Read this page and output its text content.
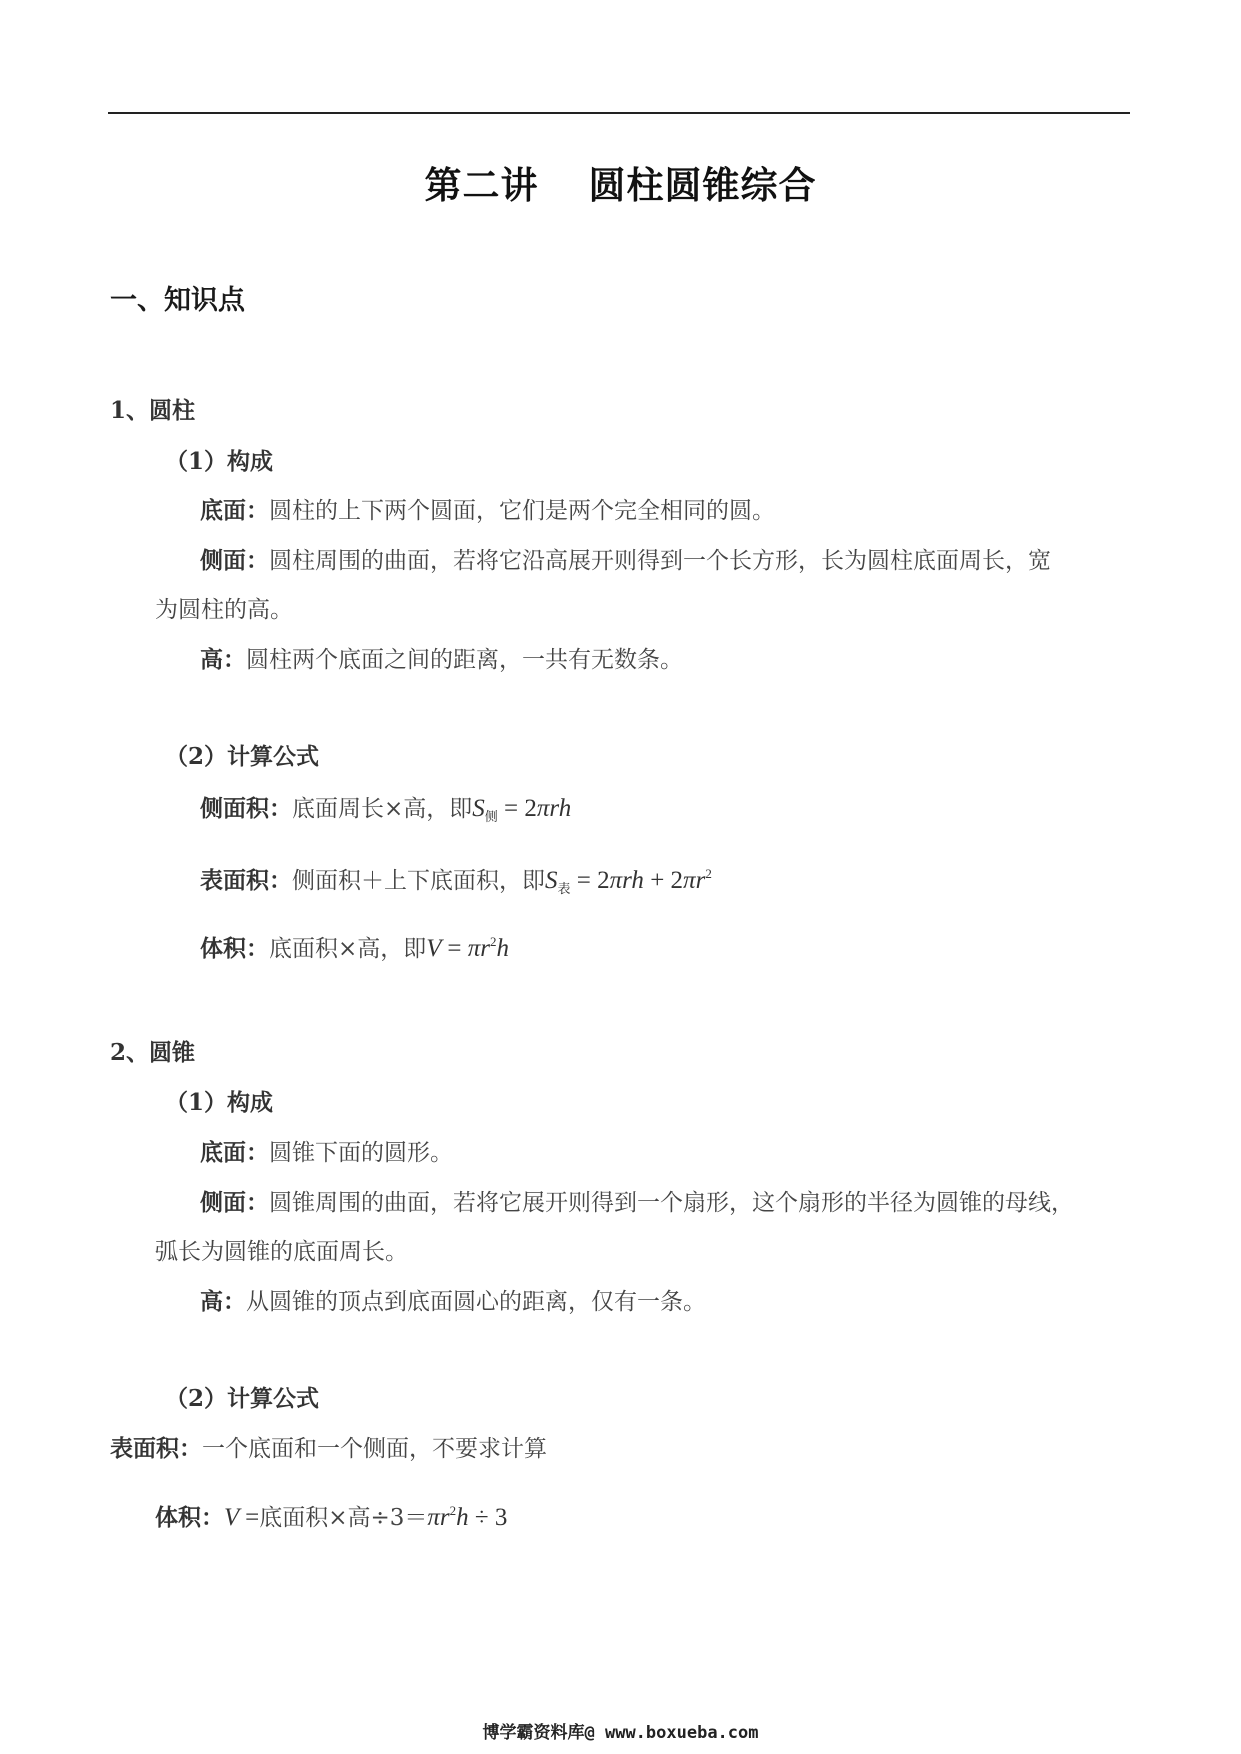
第二讲 圆柱圆锥综合
一、知识点
1、圆柱
（1）构成
底面：圆柱的上下两个圆面，它们是两个完全相同的圆。
侧面：圆柱周围的曲面，若将它沿高展开则得到一个长方形，长为圆柱底面周长，宽
为圆柱的高。
高：圆柱两个底面之间的距离，一共有无数条。
（2）计算公式
侧面积：底面周长×高，即$S_侧 = 2\pi rh$
表面积：侧面积＋上下底面积，即$S_表 = 2\pi rh + 2\pi r^2$
体积：底面积×高，即$V = \pi r^2h$
2、圆锥
（1）构成
底面：圆锥下面的圆形。
侧面：圆锥周围的曲面，若将它展开则得到一个扇形，这个扇形的半径为圆锥的母线，
弧长为圆锥的底面周长。
高：从圆锥的顶点到底面圆心的距离，仅有一条。
（2）计算公式
表面积：一个底面和一个侧面，不要求计算
体积：V =底面积×高$\div 3=\pi r^2h \div 3$
博学霸资料库@ www.boxueba.com
